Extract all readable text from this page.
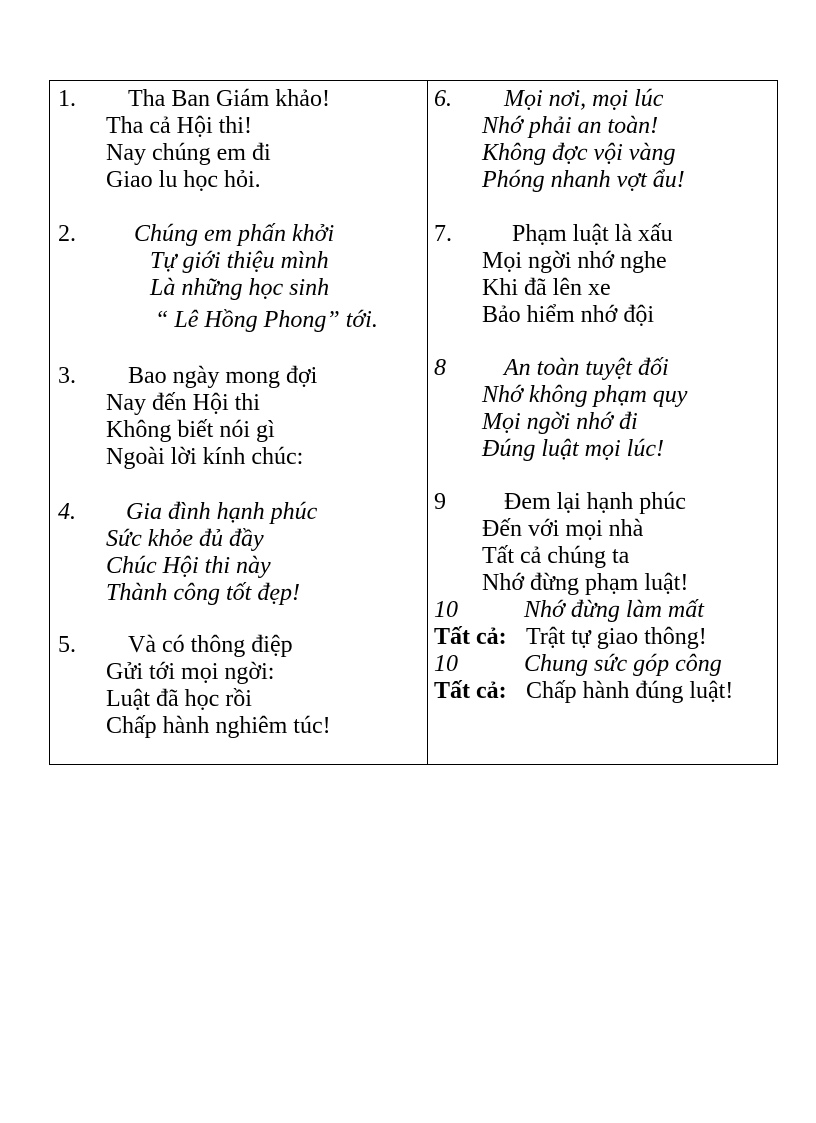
1. Tha Ban Giám khảo!
Tha cả Hội thi!
Nay chúng em đi
Giao lu học hỏi.
2. Chúng em phấn khởi
Tự giới thiệu mình
Là những học sinh
“ Lê Hồng Phong” tới.
3. Bao ngày mong đợi
Nay đến Hội thi
Không biết nói gì
Ngoài lời kính chúc:
4. Gia đình hạnh phúc
Sức khỏe đủ đầy
Chúc Hội thi này
Thành công tốt đẹp!
5. Và có thông điệp
Gửi tới mọi ngời:
Luật đã học rồi
Chấp hành nghiêm túc!
6. Mọi nơi, mọi lúc
Nhớ phải an toàn!
Không đợc vội vàng
Phóng nhanh vợt ẩu!
7.	Phạm luật là xấu
Mọi ngời nhớ nghe
Khi đã lên xe
Bảo hiểm nhớ đội
8 An toàn tuyệt đối
Nhớ không phạm quy
Mọi ngời nhớ đi
Đúng luật mọi lúc!
9 Đem lại hạnh phúc
Đến với mọi nhà
Tất cả chúng ta
Nhớ đừng phạm luật!
10	Nhớ đừng làm mất
Tất cả: Trật tự giao thông!
10	Chung sức góp công
Tất cả: Chấp hành đúng luật!
